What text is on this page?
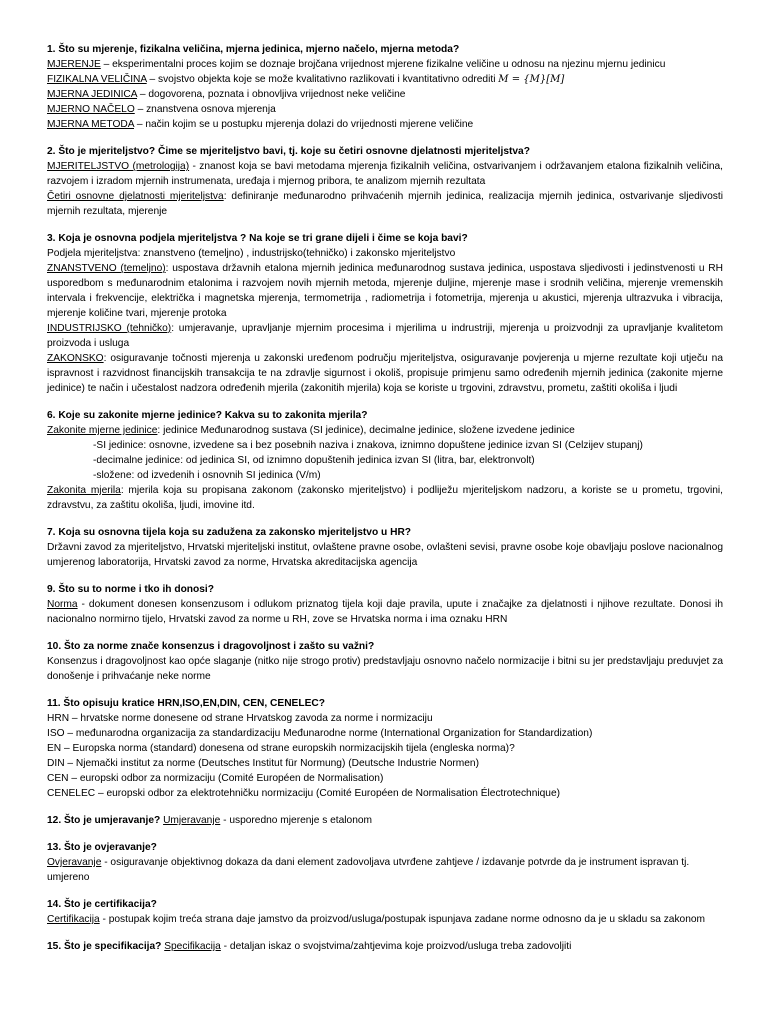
1. Što su mjerenje, fizikalna veličina, mjerna jedinica, mjerno načelo, mjerna metoda?

MJERENJE – eksperimentalni proces kojim se doznaje brojčana vrijednost mjerene fizikalne veličine u odnosu na njezinu mjernu jedinicu

FIZIKALNA VELIČINA – svojstvo objekta koje se može kvalitativno razlikovati i kvantitativno odrediti M = {M}[M]

MJERNA JEDINICA – dogovorena, poznata i obnovljiva vrijednost neke veličine

MJERNO NAČELO – znanstvena osnova mjerenja

MJERNA METODA – način kojim se u postupku mjerenja dolazi do vrijednosti mjerene veličine

2. Što je mjeriteljstvo? Čime se mjeriteljstvo bavi, tj. koje su četiri osnovne djelatnosti mjeriteljstva?

MJERITELJSTVO (metrologija) - znanost koja se bavi metodama mjerenja fizikalnih veličina, ostvarivanjem i održavanjem etalona fizikalnih veličina, razvojem i izradom mjernih instrumenata, uređaja i mjernog pribora, te analizom mjernih rezultata

Četiri osnovne djelatnosti mjeriteljstva: definiranje međunarodno prihvaćenih mjernih jedinica, realizacija mjernih jedinica, ostvarivanje sljedivosti mjernih rezultata, mjerenje

3. Koja je osnovna podjela mjeriteljstva ? Na koje se tri grane dijeli i čime se koja bavi?

Podjela mjeriteljstva: znanstveno (temeljno) , industrijsko(tehničko) i zakonsko mjeriteljstvo

ZNANSTVENO (temeljno): uspostava državnih etalona mjernih jedinica međunarodnog sustava jedinica, uspostava sljedivosti i jedinstvenosti u RH usporedbom s međunarodnim etalonima i razvojem novih mjernih metoda, mjerenje duljine, mjerenje mase i srodnih veličina, mjerenje vremenskih intervala i frekvencije, električka i magnetska mjerenja, termometrija , radiometrija i fotometrija, mjerenja u akustici, mjerenja ultrazvuka i vibracija, mjerenje količine tvari, mjerenje protoka

INDUSTRIJSKO (tehničko): umjeravanje, upravljanje mjernim procesima i mjerilima u indrustriji, mjerenja u proizvodnji za upravljanje kvalitetom proizvoda i usluga

ZAKONSKO: osiguravanje točnosti mjerenja u zakonski uređenom području mjeriteljstva, osiguravanje povjerenja u mjerne rezultate koji utječu na ispravnost i razvidnost financijskih transakcija te na zdravlje sigurnost i okoliš, propisuje primjenu samo određenih mjernih jedinica (zakonite mjerne jedinice) te način i učestalost nadzora određenih mjerila (zakonitih mjerila) koja se koriste u trgovini, zdravstvu, prometu, zaštiti okoliša i ljudi

6. Koje su zakonite mjerne jedinice? Kakva su to zakonita mjerila?

Zakonite mjerne jedinice: jedinice Međunarodnog sustava (SI jedinice), decimalne jedinice, složene izvedene jedinice

-SI jedinice: osnovne, izvedene sa i bez posebnih naziva i znakova, iznimno dopuštene jedinice izvan SI (Celzijev stupanj)

-decimalne jedinice: od jedinica SI, od iznimno dopuštenih jedinica izvan SI (litra, bar, elektronvolt)

-složene: od izvedenih i osnovnih SI jedinica (V/m)

Zakonita mjerila: mjerila koja su propisana zakonom (zakonsko mjeriteljstvo) i podliježu mjeriteljskom nadzoru, a koriste se u prometu, trgovini, zdravstvu, za zaštitu okoliša, ljudi, imovine itd.

7. Koja su osnovna tijela koja su zadužena za zakonsko mjeriteljstvo u HR?

Državni zavod za mjeriteljstvo, Hrvatski mjeriteljski institut, ovlaštene pravne osobe, ovlašteni sevisi, pravne osobe koje obavljaju poslove nacionalnog umjerenog laboratorija, Hrvatski zavod za norme, Hrvatska akreditacijska agencija

9. Što su to norme i tko ih donosi?

Norma - dokument donesen konsenzusom i odlukom priznatog tijela koji daje pravila, upute i značajke za djelatnosti i njihove rezultate. Donosi ih nacionalno normirno tijelo, Hrvatski zavod za norme u RH, zove se Hrvatska norma i ima oznaku HRN

10. Što za norme znače konsenzus i dragovoljnost i zašto su važni?

Konsenzus i dragovoljnost kao opće slaganje (nitko nije strogo protiv) predstavljaju osnovno načelo normizacije i bitni su jer predstavljaju preduvjet za donošenje i prihvaćanje neke norme

11. Što opisuju kratice HRN,ISO,EN,DIN, CEN, CENELEC?

HRN – hrvatske norme donesene od strane Hrvatskog zavoda za norme i normizaciju

ISO – međunarodna organizacija za standardizaciju Međunarodne norme (International Organization for Standardization)

EN – Europska norma (standard) donesena od strane europskih normizacijskih tijela (engleska norma)?

DIN – Njemački institut za norme (Deutsches Institut für Normung) (Deutsche Industrie Normen)

CEN – europski odbor za normizaciju (Comité Européen de Normalisation)

CENELEC – europski odbor za elektrotehničku normizaciju (Comité Européen de Normalisation Électrotechnique)

12. Što je umjeravanje? Umjeravanje - usporedno mjerenje s etalonom

13. Što je ovjeravanje?

Ovjeravanje - osiguravanje objektivnog dokaza da dani element zadovoljava utvrđene zahtjeve / izdavanje potvrde da je instrument ispravan tj. umjereno

14. Što je certifikacija?

Certifikacija - postupak kojim treća strana daje jamstvo da proizvod/usluga/postupak ispunjava zadane norme odnosno da je u skladu sa zakonom

15. Što je specifikacija? Specifikacija - detaljan iskaz o svojstvima/zahtjevima koje proizvod/usluga treba zadovoljiti
